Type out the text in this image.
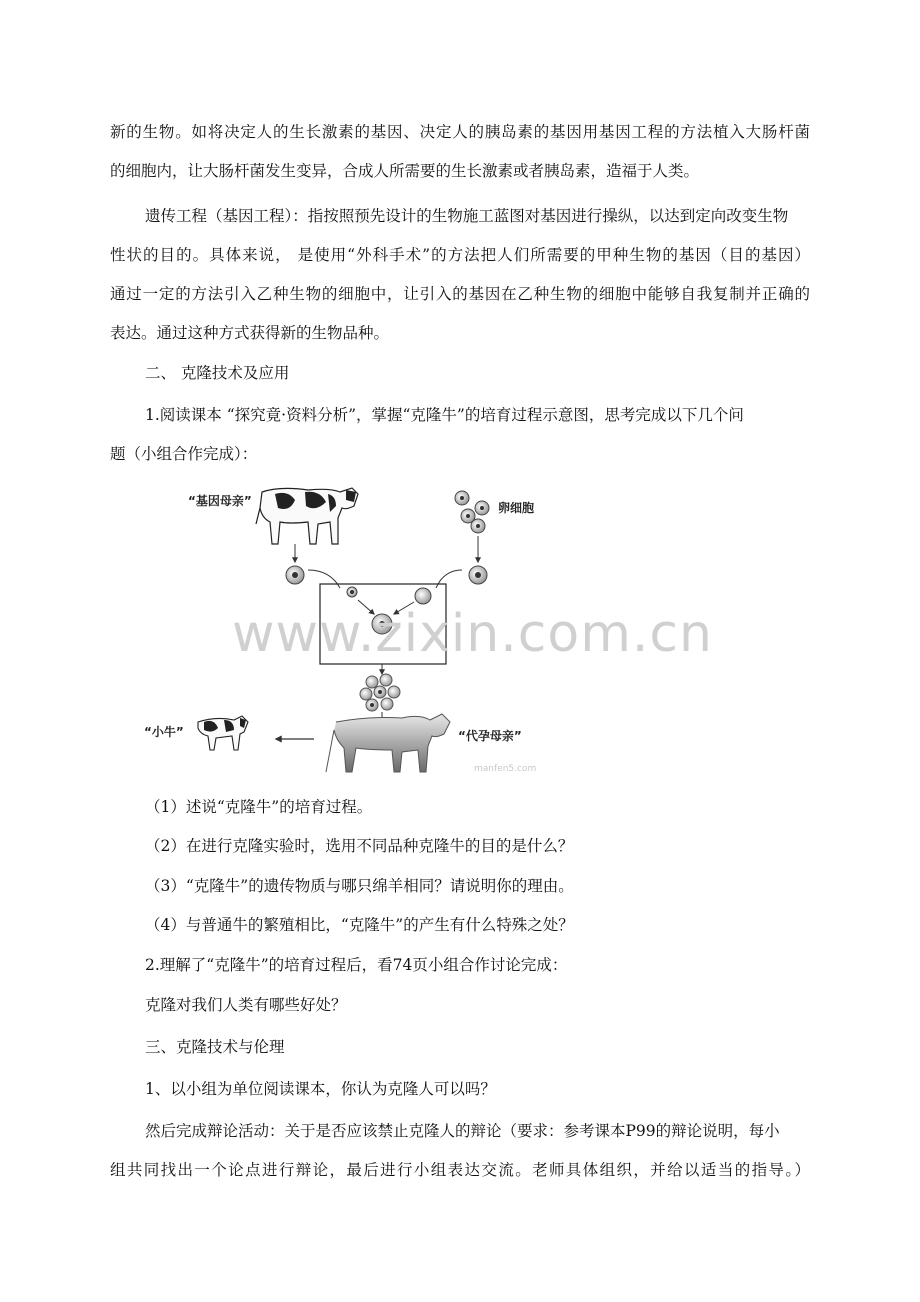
新的生物。如将决定人的生长激素的基因、决定人的胰岛素的基因用基因工程的方法植入大肠杆菌
的细胞内，让大肠杆菌发生变异，合成人所需要的生长激素或者胰岛素，造福于人类。
遗传工程（基因工程）：指按照预先设计的生物施工蓝图对基因进行操纵，以达到定向改变生物
性状的目的。具体来说， 是使用“外科手术”的方法把人们所需要的甲种生物的基因（目的基因）
通过一定的方法引入乙种生物的细胞中，让引入的基因在乙种生物的细胞中能够自我复制并正确的
表达。通过这种方式获得新的生物品种。
二、 克隆技术及应用
1.阅读课本 “探究竟·资料分析”，掌握“克隆牛”的培育过程示意图，思考完成以下几个问
题（小组合作完成）：
“基因母亲”	卵细胞
“代孕母亲”
manfen5.com
“小牛”
www.zixin.com.cn
（1）述说“克隆牛”的培育过程。
（2）在进行克隆实验时，选用不同品种克隆牛的目的是什么？
（3）“克隆牛”的遗传物质与哪只绵羊相同？请说明你的理由。
（4）与普通牛的繁殖相比，“克隆牛”的产生有什么特殊之处？
2.理解了“克隆牛”的培育过程后，看74页小组合作讨论完成：
克隆对我们人类有哪些好处？
三、克隆技术与伦理
1、以小组为单位阅读课本，你认为克隆人可以吗？
然后完成辩论活动：关于是否应该禁止克隆人的辩论（要求：参考课本P99的辩论说明，每小
组共同找出一个论点进行辩论，最后进行小组表达交流。老师具体组织，并给以适当的指导。）
